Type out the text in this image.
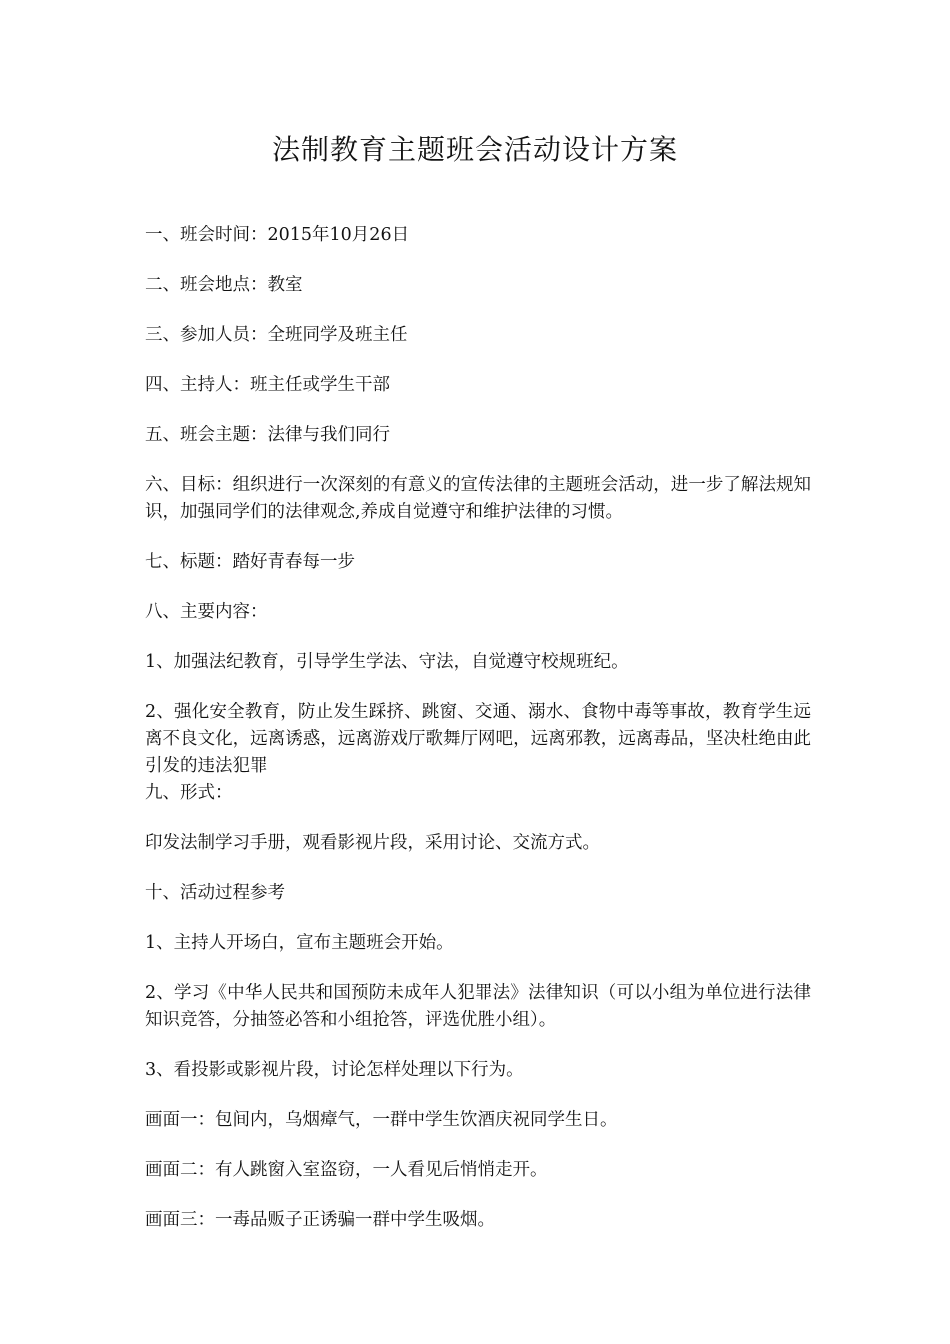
法制教育主题班会活动设计方案

一、班会时间：2015年10月26日

二、班会地点：教室

三、参加人员：全班同学及班主任

四、主持人：班主任或学生干部

五、班会主题：法律与我们同行

六、目标：组织进行一次深刻的有意义的宣传法律的主题班会活动，进一步了解法规知识，加强同学们的法律观念,养成自觉遵守和维护法律的习惯。

七、标题：踏好青春每一步

八、主要内容：

1、加强法纪教育，引导学生学法、守法，自觉遵守校规班纪。

2、强化安全教育，防止发生踩挤、跳窗、交通、溺水、食物中毒等事故，教育学生远离不良文化，远离诱惑，远离游戏厅歌舞厅网吧，远离邪教，远离毒品，坚决杜绝由此引发的违法犯罪

九、形式：

印发法制学习手册，观看影视片段，采用讨论、交流方式。

十、活动过程参考

1、主持人开场白，宣布主题班会开始。

2、学习《中华人民共和国预防未成年人犯罪法》法律知识（可以小组为单位进行法律知识竞答，分抽签必答和小组抢答，评选优胜小组）。

3、看投影或影视片段，讨论怎样处理以下行为。

画面一：包间内，乌烟瘴气，一群中学生饮酒庆祝同学生日。

画面二：有人跳窗入室盗窃，一人看见后悄悄走开。

画面三：一毒品贩子正诱骗一群中学生吸烟。
